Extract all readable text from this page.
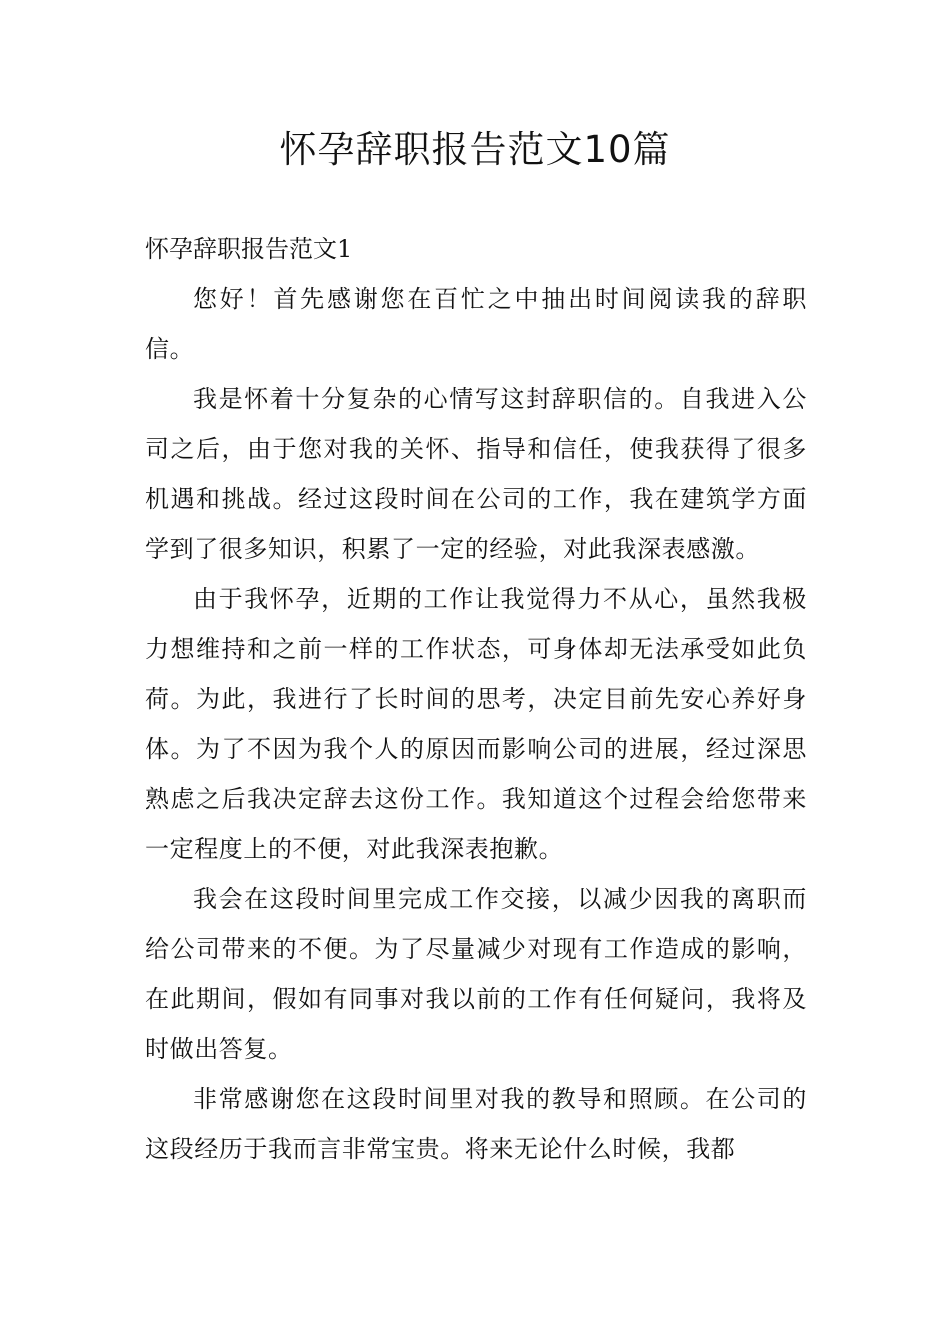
怀孕辞职报告范文10篇
怀孕辞职报告范文1

您好！首先感谢您在百忙之中抽出时间阅读我的辞职信。

我是怀着十分复杂的心情写这封辞职信的。自我进入公司之后，由于您对我的关怀、指导和信任，使我获得了很多机遇和挑战。经过这段时间在公司的工作，我在建筑学方面学到了很多知识，积累了一定的经验，对此我深表感激。

由于我怀孕，近期的工作让我觉得力不从心，虽然我极力想维持和之前一样的工作状态，可身体却无法承受如此负荷。为此，我进行了长时间的思考，决定目前先安心养好身体。为了不因为我个人的原因而影响公司的进展，经过深思熟虑之后我决定辞去这份工作。我知道这个过程会给您带来一定程度上的不便，对此我深表抱歉。

我会在这段时间里完成工作交接，以减少因我的离职而给公司带来的不便。为了尽量减少对现有工作造成的影响，在此期间，假如有同事对我以前的工作有任何疑问，我将及时做出答复。

非常感谢您在这段时间里对我的教导和照顾。在公司的这段经历于我而言非常宝贵。将来无论什么时候，我都
